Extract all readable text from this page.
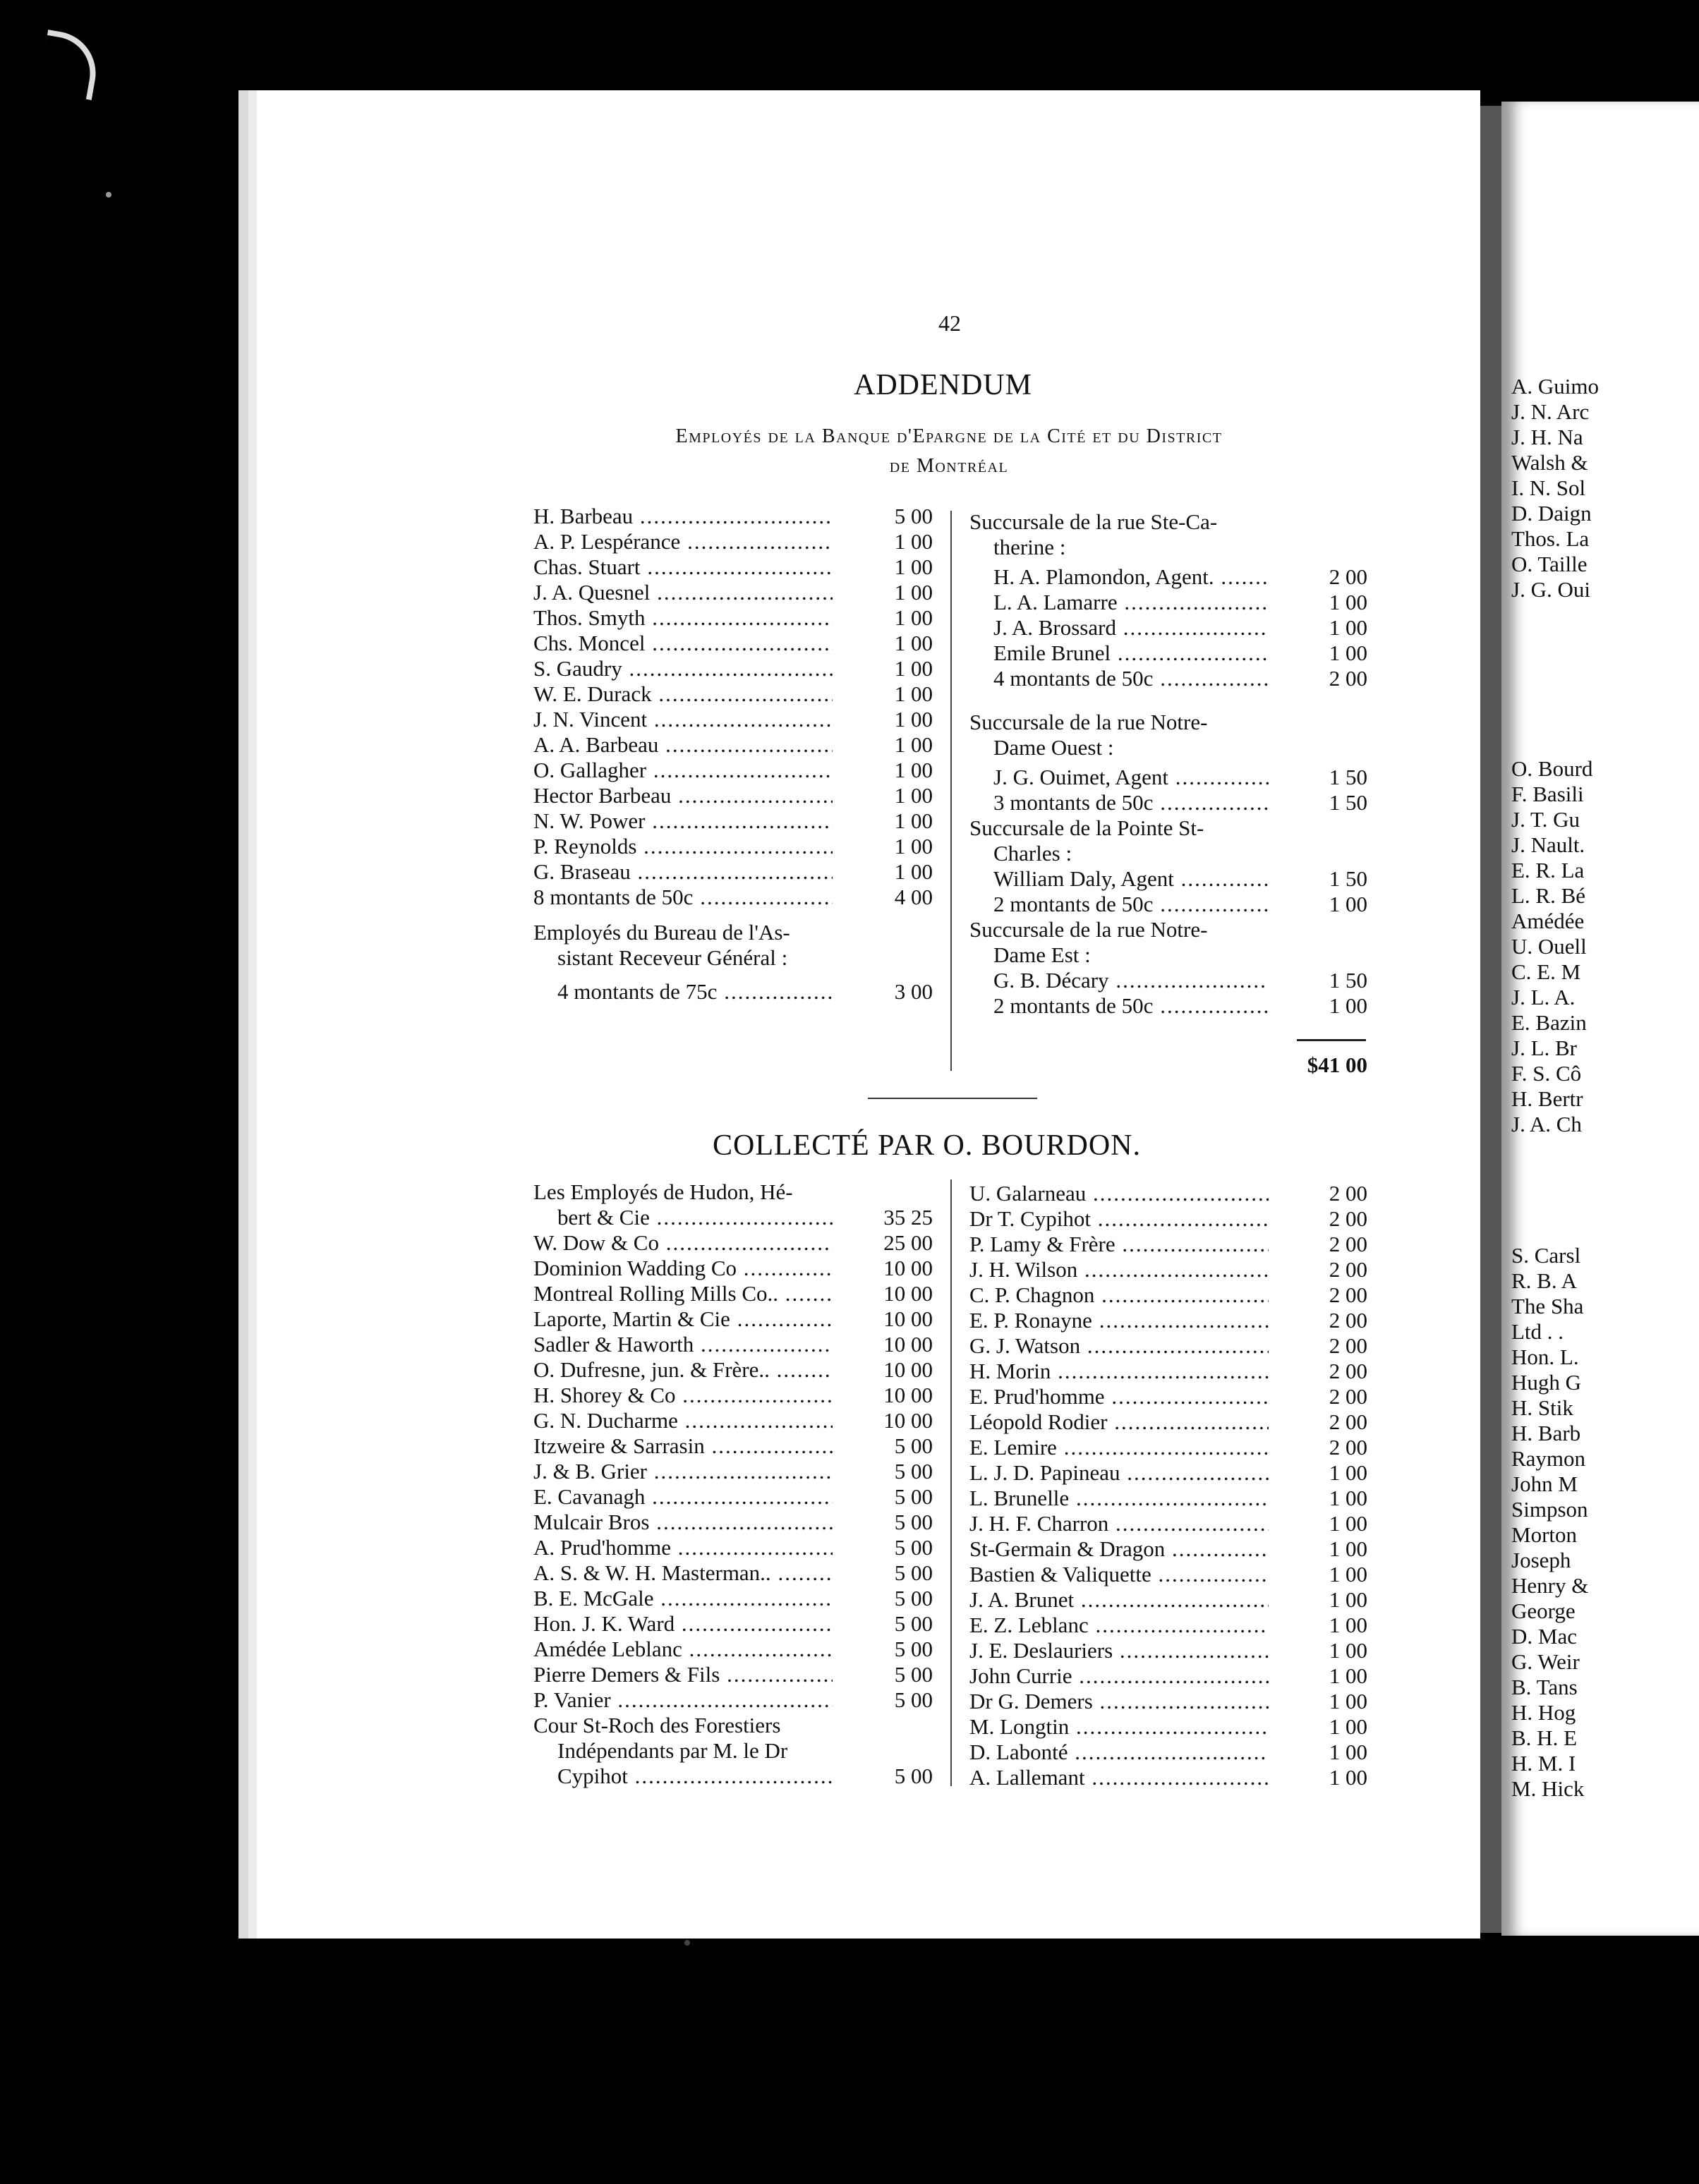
42
ADDENDUM
Employés de la Banque d'Epargne de la Cité et du District
de Montréal
COLLECTÉ PAR O. BOURDON.
H. Barbeau .....	5 00
A. P. Lespérance .....	1 00
Chas. Stuart .....	1 00
J. A. Quesnel .....	1 00
Thos. Smyth .....	1 00
Chs. Moncel .....	1 00
S. Gaudry .....	1 00
W. E. Durack .....	1 00
J. N. Vincent .....	1 00
A. A. Barbeau .....	1 00
O. Gallagher .....	1 00
Hector Barbeau .....	1 00
N. W. Power .....	1 00
P. Reynolds .....	1 00
G. Braseau .....	1 00
8 montants de 50c .....	4 00
Employés du Bureau de l'As-
sistant Receveur Général :
4 montants de 75c .....	3 00
Succursale de la rue Ste-Ca-
therine :
H. A. Plamondon, Agent. .....	2 00
L. A. Lamarre .....	1 00
J. A. Brossard .....	1 00
Emile Brunel .....	1 00
4 montants de 50c .....	2 00
Succursale de la rue Notre-
Dame Ouest :
J. G. Ouimet, Agent .....	1 50
3 montants de 50c .....	1 50
Succursale de la Pointe St-
Charles :
William Daly, Agent .....	1 50
2 montants de 50c .....	1 00
Succursale de la rue Notre-
Dame Est :
G. B. Décary .....	1 50
2 montants de 50c .....	1 00
$41 00
Les Employés de Hudon, Hé-
bert & Cie .....	35 25
W. Dow & Co .....	25 00
Dominion Wadding Co .....	10 00
Montreal Rolling Mills Co.. .....	10 00
Laporte, Martin & Cie .....	10 00
Sadler & Haworth .....	10 00
O. Dufresne, jun. & Frère.. .....	10 00
H. Shorey & Co .....	10 00
G. N. Ducharme .....	10 00
Itzweire & Sarrasin .....	5 00
J. & B. Grier .....	5 00
E. Cavanagh .....	5 00
Mulcair Bros .....	5 00
A. Prud'homme .....	5 00
A. S. & W. H. Masterman.. .....	5 00
B. E. McGale .....	5 00
Hon. J. K. Ward .....	5 00
Amédée Leblanc .....	5 00
Pierre Demers & Fils .....	5 00
P. Vanier .....	5 00
Cour St-Roch des Forestiers
Indépendants par M. le Dr
Cypihot .....	5 00
U. Galarneau .....	2 00
Dr T. Cypihot .....	2 00
P. Lamy & Frère .....	2 00
J. H. Wilson .....	2 00
C. P. Chagnon .....	2 00
E. P. Ronayne .....	2 00
G. J. Watson .....	2 00
H. Morin .....	2 00
E. Prud'homme .....	2 00
Léopold Rodier .....	2 00
E. Lemire .....	2 00
L. J. D. Papineau .....	1 00
L. Brunelle .....	1 00
J. H. F. Charron .....	1 00
St-Germain & Dragon .....	1 00
Bastien & Valiquette .....	1 00
J. A. Brunet .....	1 00
E. Z. Leblanc .....	1 00
J. E. Deslauriers .....	1 00
John Currie .....	1 00
Dr G. Demers .....	1 00
M. Longtin .....	1 00
D. Labonté .....	1 00
A. Lallemant .....	1 00
A. Guimo
J. N. Arc
J. H. Na
Walsh &
I. N. Sol
D. Daign
Thos. La
O. Taille
J. G. Oui
O. Bourd
F. Basili
J. T. Gu
J. Nault.
E. R. La
L. R. Bé
Amédée
U. Ouell
C. E. M
J. L. A.
E. Bazin
J. L. Br
F. S. Cô
H. Bertr
J. A. Ch
S. Carsl
R. B. A
The Sha
Ltd . .
Hon. L.
Hugh G
H. Stik
H. Barb
Raymon
John M
Simpson
Morton
Joseph
Henry &
George
D. Mac
G. Weir
B. Tans
H. Hog
B. H. E
H. M. I
M. Hick
